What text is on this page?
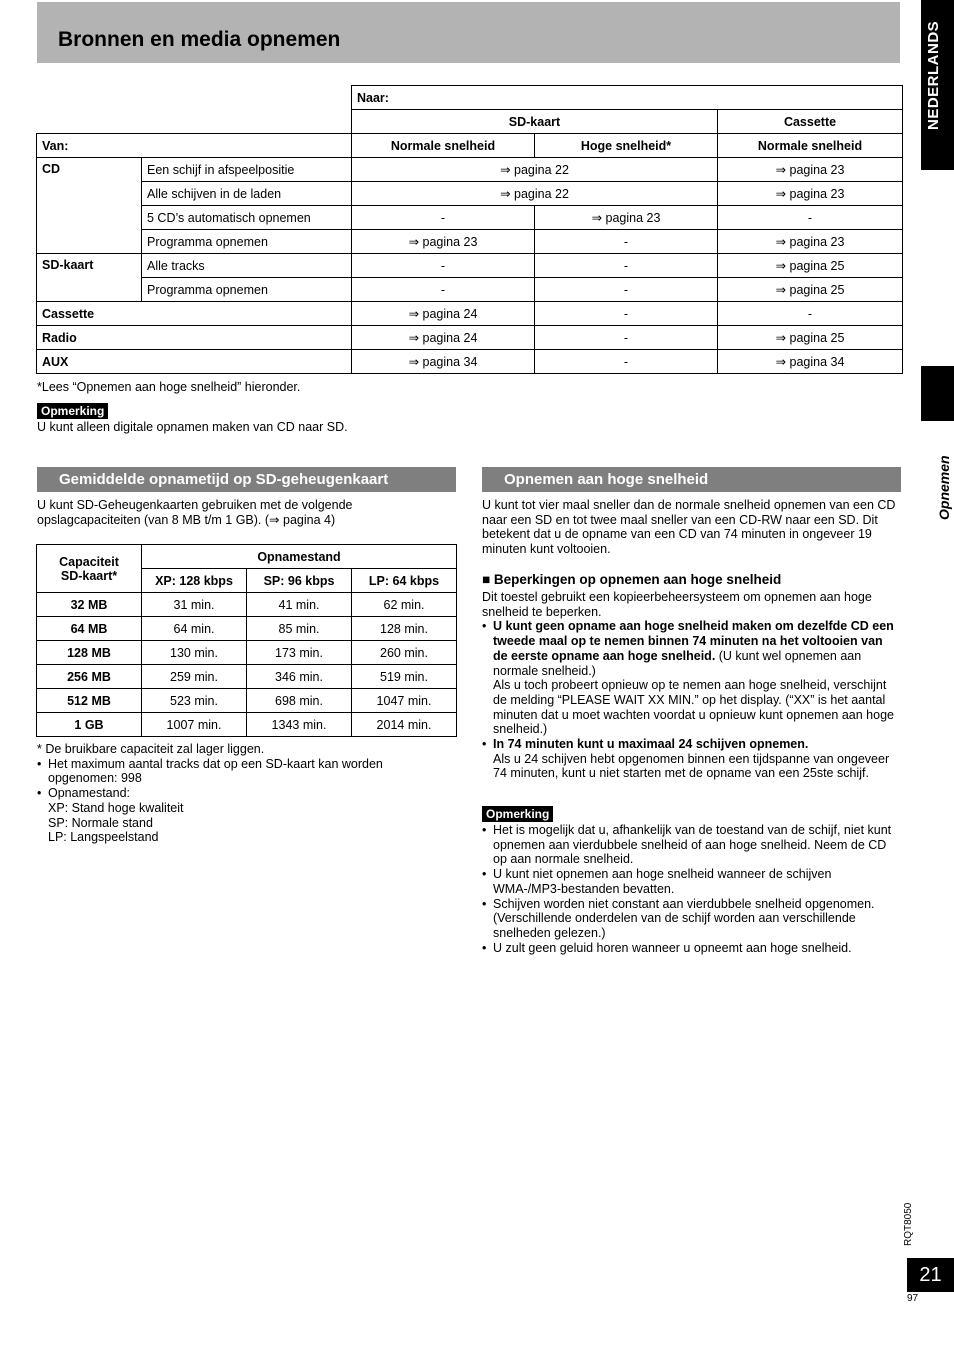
Bronnen en media opnemen	NEDERLANDS
Opnemen
		Naar:		
		SD-kaart		Cassette
Van:		Normale snelheid	Hoge snelheid*	Normale snelheid
CD	Een schijf in afspeelpositie	⇒ pagina 22		⇒ pagina 23
	Alle schijven in de laden	⇒ pagina 22		⇒ pagina 23
	5 CD’s automatisch opnemen	-	⇒ pagina 23	-
	Programma opnemen	⇒ pagina 23	-	⇒ pagina 23
SD-kaart	Alle tracks	-	-	⇒ pagina 25
	Programma opnemen	-	-	⇒ pagina 25
Cassette		⇒ pagina 24	-	-
Radio		⇒ pagina 24	-	⇒ pagina 25
AUX		⇒ pagina 34	-	⇒ pagina 34
*Lees “Opnemen aan hoge snelheid” hieronder.
Opmerking
U kunt alleen digitale opnamen maken van CD naar SD.
Gemiddelde opnametijd op SD-geheugenkaart
U kunt SD-Geheugenkaarten gebruiken met de volgende opslagcapaciteiten (van 8 MB t/m 1 GB). (⇒ pagina 4)
Capaciteit
SD-kaart*	Opnamestand		
	XP: 128 kbps	SP: 96 kbps	LP: 64 kbps
32 MB	31 min.	41 min.	62 min.
64 MB	64 min.	85 min.	128 min.
128 MB	130 min.	173 min.	260 min.
256 MB	259 min.	346 min.	519 min.
512 MB	523 min.	698 min.	1047 min.
1 GB	1007 min.	1343 min.	2014 min.
* De bruikbare capaciteit zal lager liggen.
• Het maximum aantal tracks dat op een SD-kaart kan worden opgenomen: 998
• Opnamestand:
XP: Stand hoge kwaliteit
SP: Normale stand
LP: Langspeelstand
Opnemen aan hoge snelheid
U kunt tot vier maal sneller dan de normale snelheid opnemen van een CD naar een SD en tot twee maal sneller van een CD-RW naar een SD. Dit betekent dat u de opname van een CD van 74 minuten in ongeveer 19 minuten kunt voltooien.
■ Beperkingen op opnemen aan hoge snelheid
Dit toestel gebruikt een kopieerbeheersysteem om opnemen aan hoge snelheid te beperken.
• U kunt geen opname aan hoge snelheid maken om dezelfde CD een tweede maal op te nemen binnen 74 minuten na het voltooien van de eerste opname aan hoge snelheid. (U kunt wel opnemen aan normale snelheid.)
Als u toch probeert opnieuw op te nemen aan hoge snelheid, verschijnt de melding “PLEASE WAIT XX MIN.” op het display. (“XX” is het aantal minuten dat u moet wachten voordat u opnieuw kunt opnemen aan hoge snelheid.)
• In 74 minuten kunt u maximaal 24 schijven opnemen.
Als u 24 schijven hebt opgenomen binnen een tijdspanne van ongeveer 74 minuten, kunt u niet starten met de opname van een 25ste schijf.
Opmerking
• Het is mogelijk dat u, afhankelijk van de toestand van de schijf, niet kunt opnemen aan vierdubbele snelheid of aan hoge snelheid. Neem de CD op aan normale snelheid.
• U kunt niet opnemen aan hoge snelheid wanneer de schijven WMA-/MP3-bestanden bevatten.
• Schijven worden niet constant aan vierdubbele snelheid opgenomen. (Verschillende onderdelen van de schijf worden aan verschillende snelheden gelezen.)
• U zult geen geluid horen wanneer u opneemt aan hoge snelheid.
RQT8050
21
97
